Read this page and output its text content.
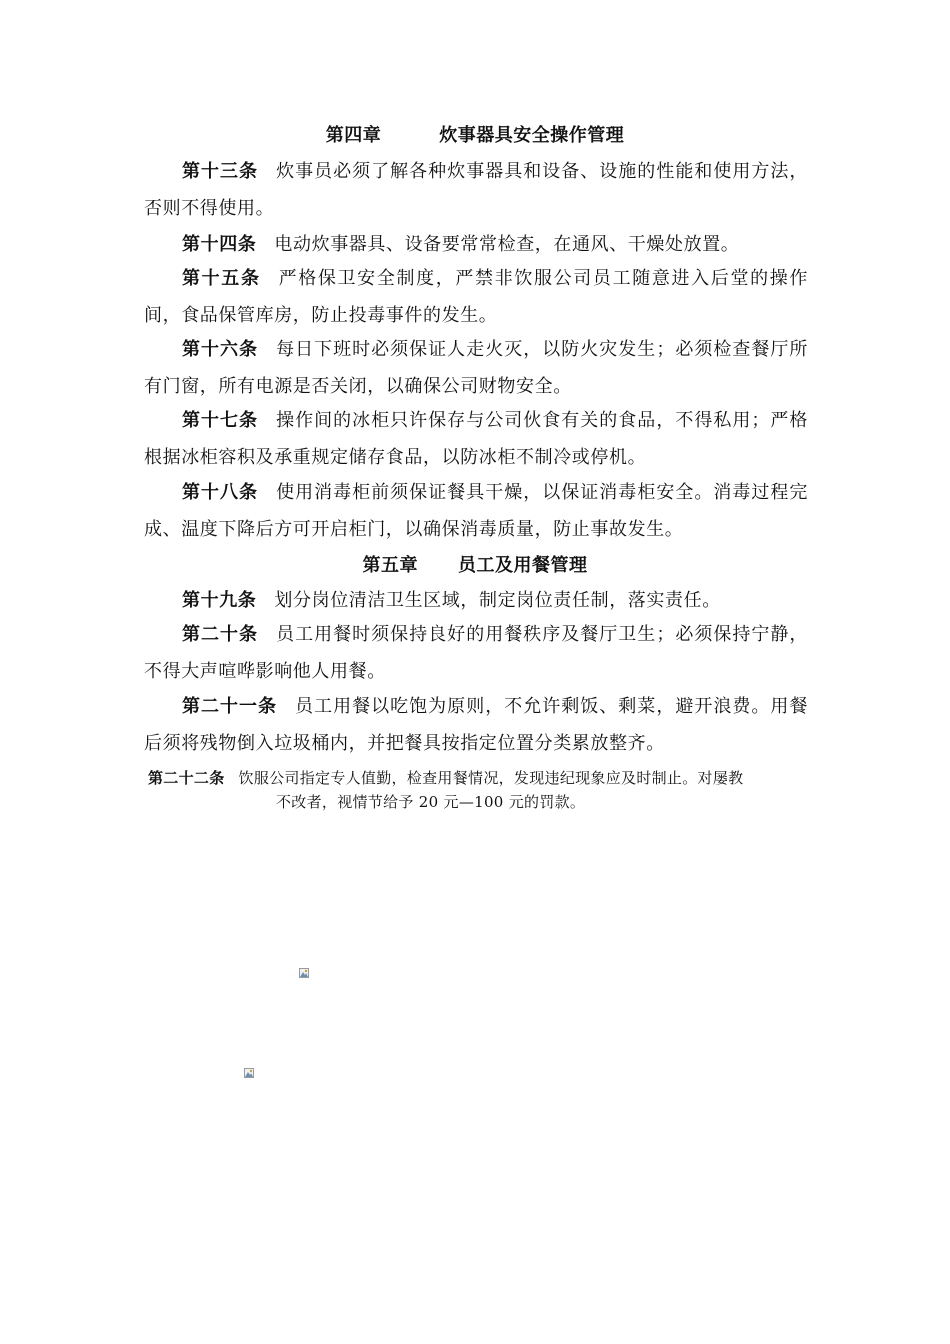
第四章	炊事器具安全操作管理
第十三条 炊事员必须了解各种炊事器具和设备、设施的性能和使用方法，否则不得使用。
第十四条 电动炊事器具、设备要常常检查，在通风、干燥处放置。
第十五条 严格保卫安全制度，严禁非饮服公司员工随意进入后堂的操作间，食品保管库房，防止投毒事件的发生。
第十六条 每日下班时必须保证人走火灭，以防火灾发生；必须检查餐厅所有门窗，所有电源是否关闭，以确保公司财物安全。
第十七条 操作间的冰柜只许保存与公司伙食有关的食品，不得私用；严格根据冰柜容积及承重规定储存食品，以防冰柜不制冷或停机。
第十八条 使用消毒柜前须保证餐具干燥，以保证消毒柜安全。消毒过程完成、温度下降后方可开启柜门，以确保消毒质量，防止事故发生。
第五章 员工及用餐管理
第十九条 划分岗位清洁卫生区域，制定岗位责任制，落实责任。
第二十条 员工用餐时须保持良好的用餐秩序及餐厅卫生；必须保持宁静，不得大声喧哗影响他人用餐。
第二十一条 员工用餐以吃饱为原则，不允许剩饭、剩菜，避开浪费。用餐后须将残物倒入垃圾桶内，并把餐具按指定位置分类累放整齐。
第二十二条 饮服公司指定专人值勤，检查用餐情况，发现违纪现象应及时制止。对屡教
不改者，视情节给予 20 元—100 元的罚款。
